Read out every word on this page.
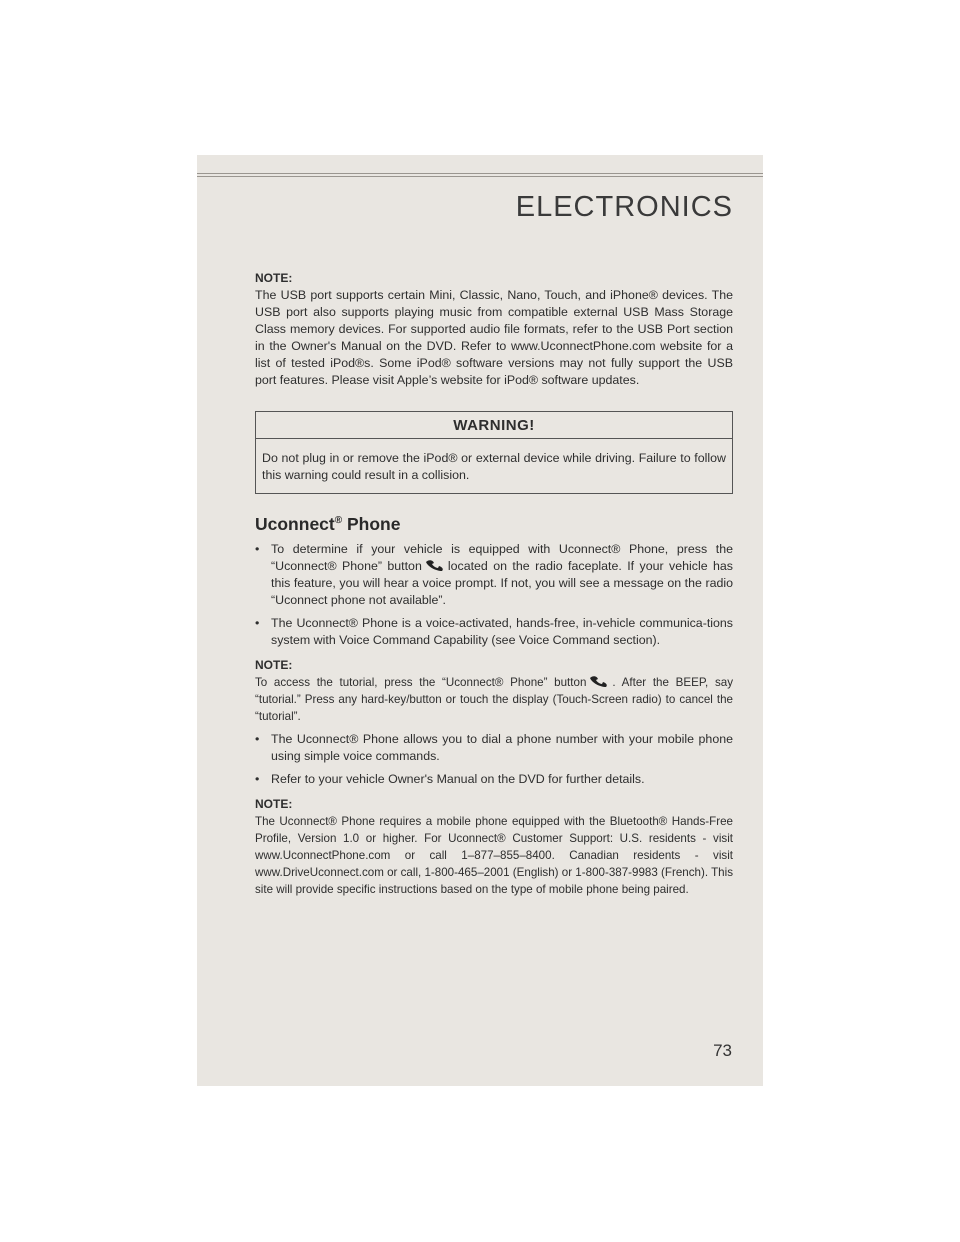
ELECTRONICS

NOTE:

The USB port supports certain Mini, Classic, Nano, Touch, and iPhone® devices. The USB port also supports playing music from compatible external USB Mass Storage Class memory devices. For supported audio file formats, refer to the USB Port section in the Owner's Manual on the DVD. Refer to www.UconnectPhone.com website for a list of tested iPod®s. Some iPod® software versions may not fully support the USB port features. Please visit Apple’s website for iPod® software updates.

WARNING!
Do not plug in or remove the iPod® or external device while driving. Failure to follow this warning could result in a collision.
Uconnect® Phone
• To determine if your vehicle is equipped with Uconnect® Phone, press the “Uconnect® Phone” button located on the radio faceplate. If your vehicle has this feature, you will hear a voice prompt. If not, you will see a message on the radio “Uconnect phone not available”.
• The Uconnect® Phone is a voice-activated, hands-free, in-vehicle communica-tions system with Voice Command Capability (see Voice Command section).

NOTE:

To access the tutorial, press the “Uconnect® Phone” button . After the BEEP, say “tutorial.” Press any hard-key/button or touch the display (Touch-Screen radio) to cancel the “tutorial”.

• The Uconnect® Phone allows you to dial a phone number with your mobile phone using simple voice commands.
• Refer to your vehicle Owner's Manual on the DVD for further details.

NOTE:

The Uconnect® Phone requires a mobile phone equipped with the Bluetooth® Hands-Free Profile, Version 1.0 or higher. For Uconnect® Customer Support: U.S. residents - visit www.UconnectPhone.com or call 1–877–855–8400. Canadian residents - visit www.DriveUconnect.com or call, 1-800-465–2001 (English) or 1-800-387-9983 (French). This site will provide specific instructions based on the type of mobile phone being paired.

73
